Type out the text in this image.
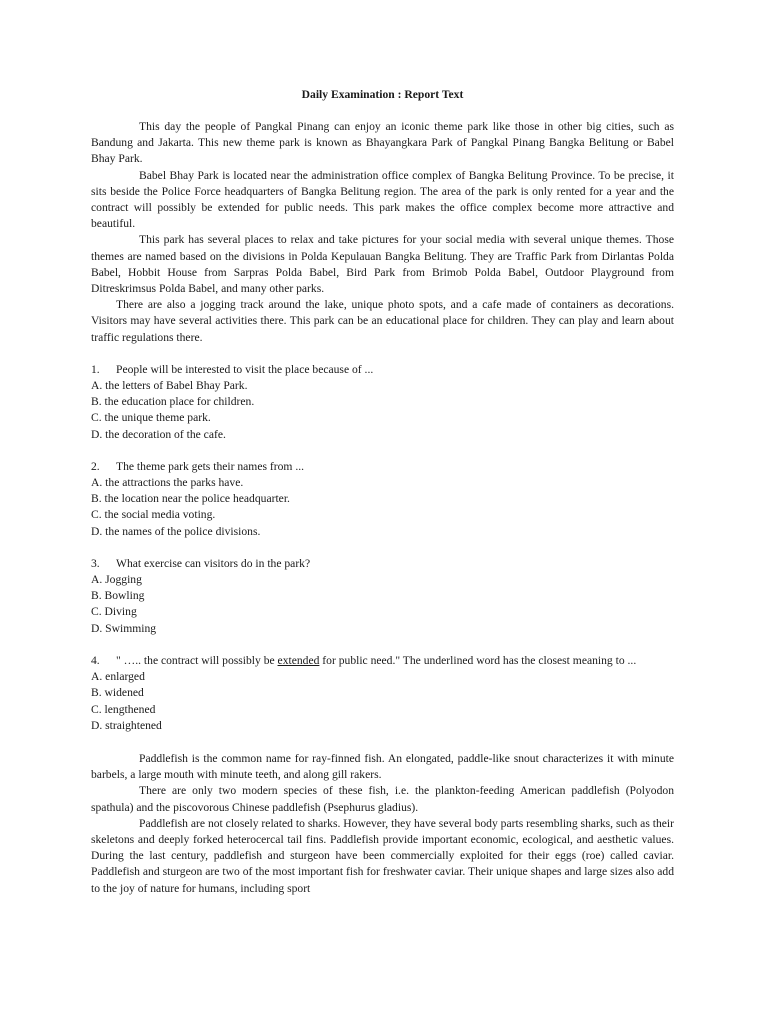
Daily Examination : Report Text

This day the people of Pangkal Pinang can enjoy an iconic theme park like those in other big cities, such as Bandung and Jakarta. This new theme park is known as Bhayangkara Park of Pangkal Pinang Bangka Belitung or Babel Bhay Park.

Babel Bhay Park is located near the administration office complex of Bangka Belitung Province. To be precise, it sits beside the Police Force headquarters of Bangka Belitung region. The area of the park is only rented for a year and the contract will possibly be extended for public needs. This park makes the office complex become more attractive and beautiful.

This park has several places to relax and take pictures for your social media with several unique themes. Those themes are named based on the divisions in Polda Kepulauan Bangka Belitung. They are Traffic Park from Dirlantas Polda Babel, Hobbit House from Sarpras Polda Babel, Bird Park from Brimob Polda Babel, Outdoor Playground from Ditreskrimsus Polda Babel, and many other parks.

There are also a jogging track around the lake, unique photo spots, and a cafe made of containers as decorations. Visitors may have several activities there. This park can be an educational place for children. They can play and learn about traffic regulations there.

1. People will be interested to visit the place because of ...

A. the letters of Babel Bhay Park.

B. the education place for children.

C. the unique theme park.

D. the decoration of the cafe.

2. The theme park gets their names from ...

A. the attractions the parks have.

B. the location near the police headquarter.

C. the social media voting.

D. the names of the police divisions.

3. What exercise can visitors do in the park?

A. Jogging

B. Bowling

C. Diving

D. Swimming

4. " ….. the contract will possibly be extended for public need." The underlined word has the closest meaning to ...

A. enlarged

B. widened

C. lengthened

D. straightened

Paddlefish is the common name for ray-finned fish. An elongated, paddle-like snout characterizes it with minute barbels, a large mouth with minute teeth, and along gill rakers.

There are only two modern species of these fish, i.e. the plankton-feeding American paddlefish (Polyodon spathula) and the piscovorous Chinese paddlefish (Psephurus gladius).

Paddlefish are not closely related to sharks. However, they have several body parts resembling sharks, such as their skeletons and deeply forked heterocercal tail fins. Paddlefish provide important economic, ecological, and aesthetic values. During the last century, paddlefish and sturgeon have been commercially exploited for their eggs (roe) called caviar. Paddlefish and sturgeon are two of the most important fish for freshwater caviar. Their unique shapes and large sizes also add to the joy of nature for humans, including sport
